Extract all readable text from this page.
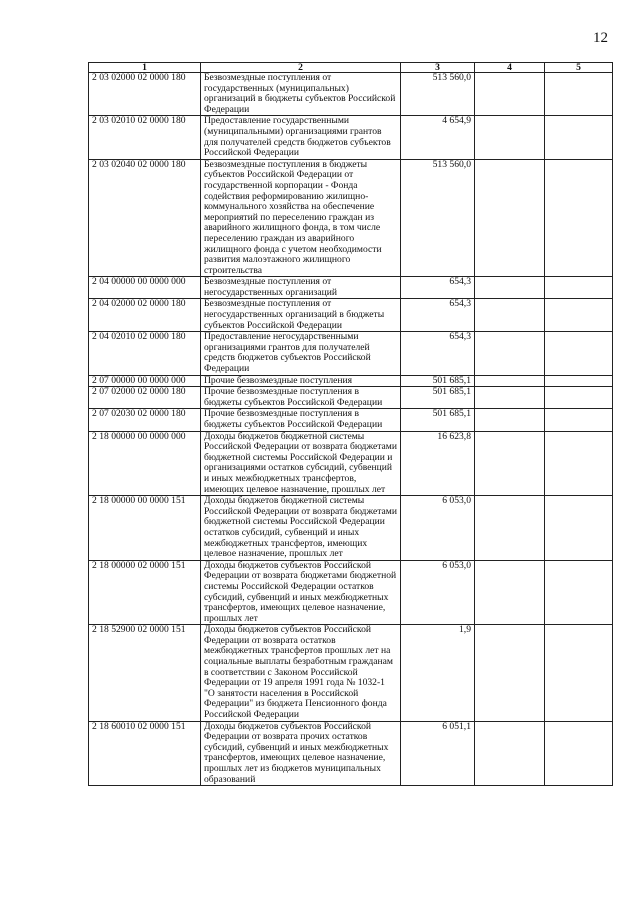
12
1	2	3	4	5
2 03 02000 02 0000 180	Безвозмездные поступления от государственных (муниципальных) организаций в бюджеты субъектов Российской Федерации	513 560,0		
2 03 02010 02 0000 180	Предоставление государственными (муниципальными) организациями грантов для получателей средств бюджетов субъектов Российской Федерации	4 654,9		
2 03 02040 02 0000 180	Безвозмездные поступления в бюджеты субъектов Российской Федерации от государственной корпорации - Фонда содействия реформированию жилищно-коммунального хозяйства на обеспечение мероприятий по переселению граждан из аварийного жилищного фонда, в том числе переселению граждан из аварийного жилищного фонда с учетом необходимости развития малоэтажного жилищного строительства	513 560,0		
2 04 00000 00 0000 000	Безвозмездные поступления от негосударственных организаций	654,3		
2 04 02000 02 0000 180	Безвозмездные поступления от негосударственных организаций в бюджеты субъектов Российской Федерации	654,3		
2 04 02010 02 0000 180	Предоставление негосударственными организациями грантов для получателей средств бюджетов субъектов Российской Федерации	654,3		
2 07 00000 00 0000 000	Прочие безвозмездные поступления	501 685,1		
2 07 02000 02 0000 180	Прочие безвозмездные поступления в бюджеты субъектов Российской Федерации	501 685,1		
2 07 02030 02 0000 180	Прочие безвозмездные поступления в бюджеты субъектов Российской Федерации	501 685,1		
2 18 00000 00 0000 000	Доходы бюджетов бюджетной системы Российской Федерации от возврата бюджетами бюджетной системы Российской Федерации и организациями остатков субсидий, субвенций и иных межбюджетных трансфертов, имеющих целевое назначение, прошлых лет	16 623,8		
2 18 00000 00 0000 151	Доходы бюджетов бюджетной системы Российской Федерации от возврата бюджетами бюджетной системы Российской Федерации остатков субсидий, субвенций и иных межбюджетных трансфертов, имеющих целевое назначение, прошлых лет	6 053,0		
2 18 00000 02 0000 151	Доходы бюджетов субъектов Российской Федерации от возврата бюджетами бюджетной системы Российской Федерации остатков субсидий, субвенций и иных межбюджетных трансфертов, имеющих целевое назначение, прошлых лет	6 053,0		
2 18 52900 02 0000 151	Доходы бюджетов субъектов Российской Федерации от возврата остатков межбюджетных трансфертов прошлых лет на социальные выплаты безработным гражданам в соответствии с Законом Российской Федерации от 19 апреля 1991 года № 1032-1 "О занятости населения в Российской Федерации" из бюджета Пенсионного фонда Российской Федерации	1,9		
2 18 60010 02 0000 151	Доходы бюджетов субъектов Российской Федерации от возврата прочих остатков субсидий, субвенций и иных межбюджетных трансфертов, имеющих целевое назначение, прошлых лет из бюджетов муниципальных образований	6 051,1		
